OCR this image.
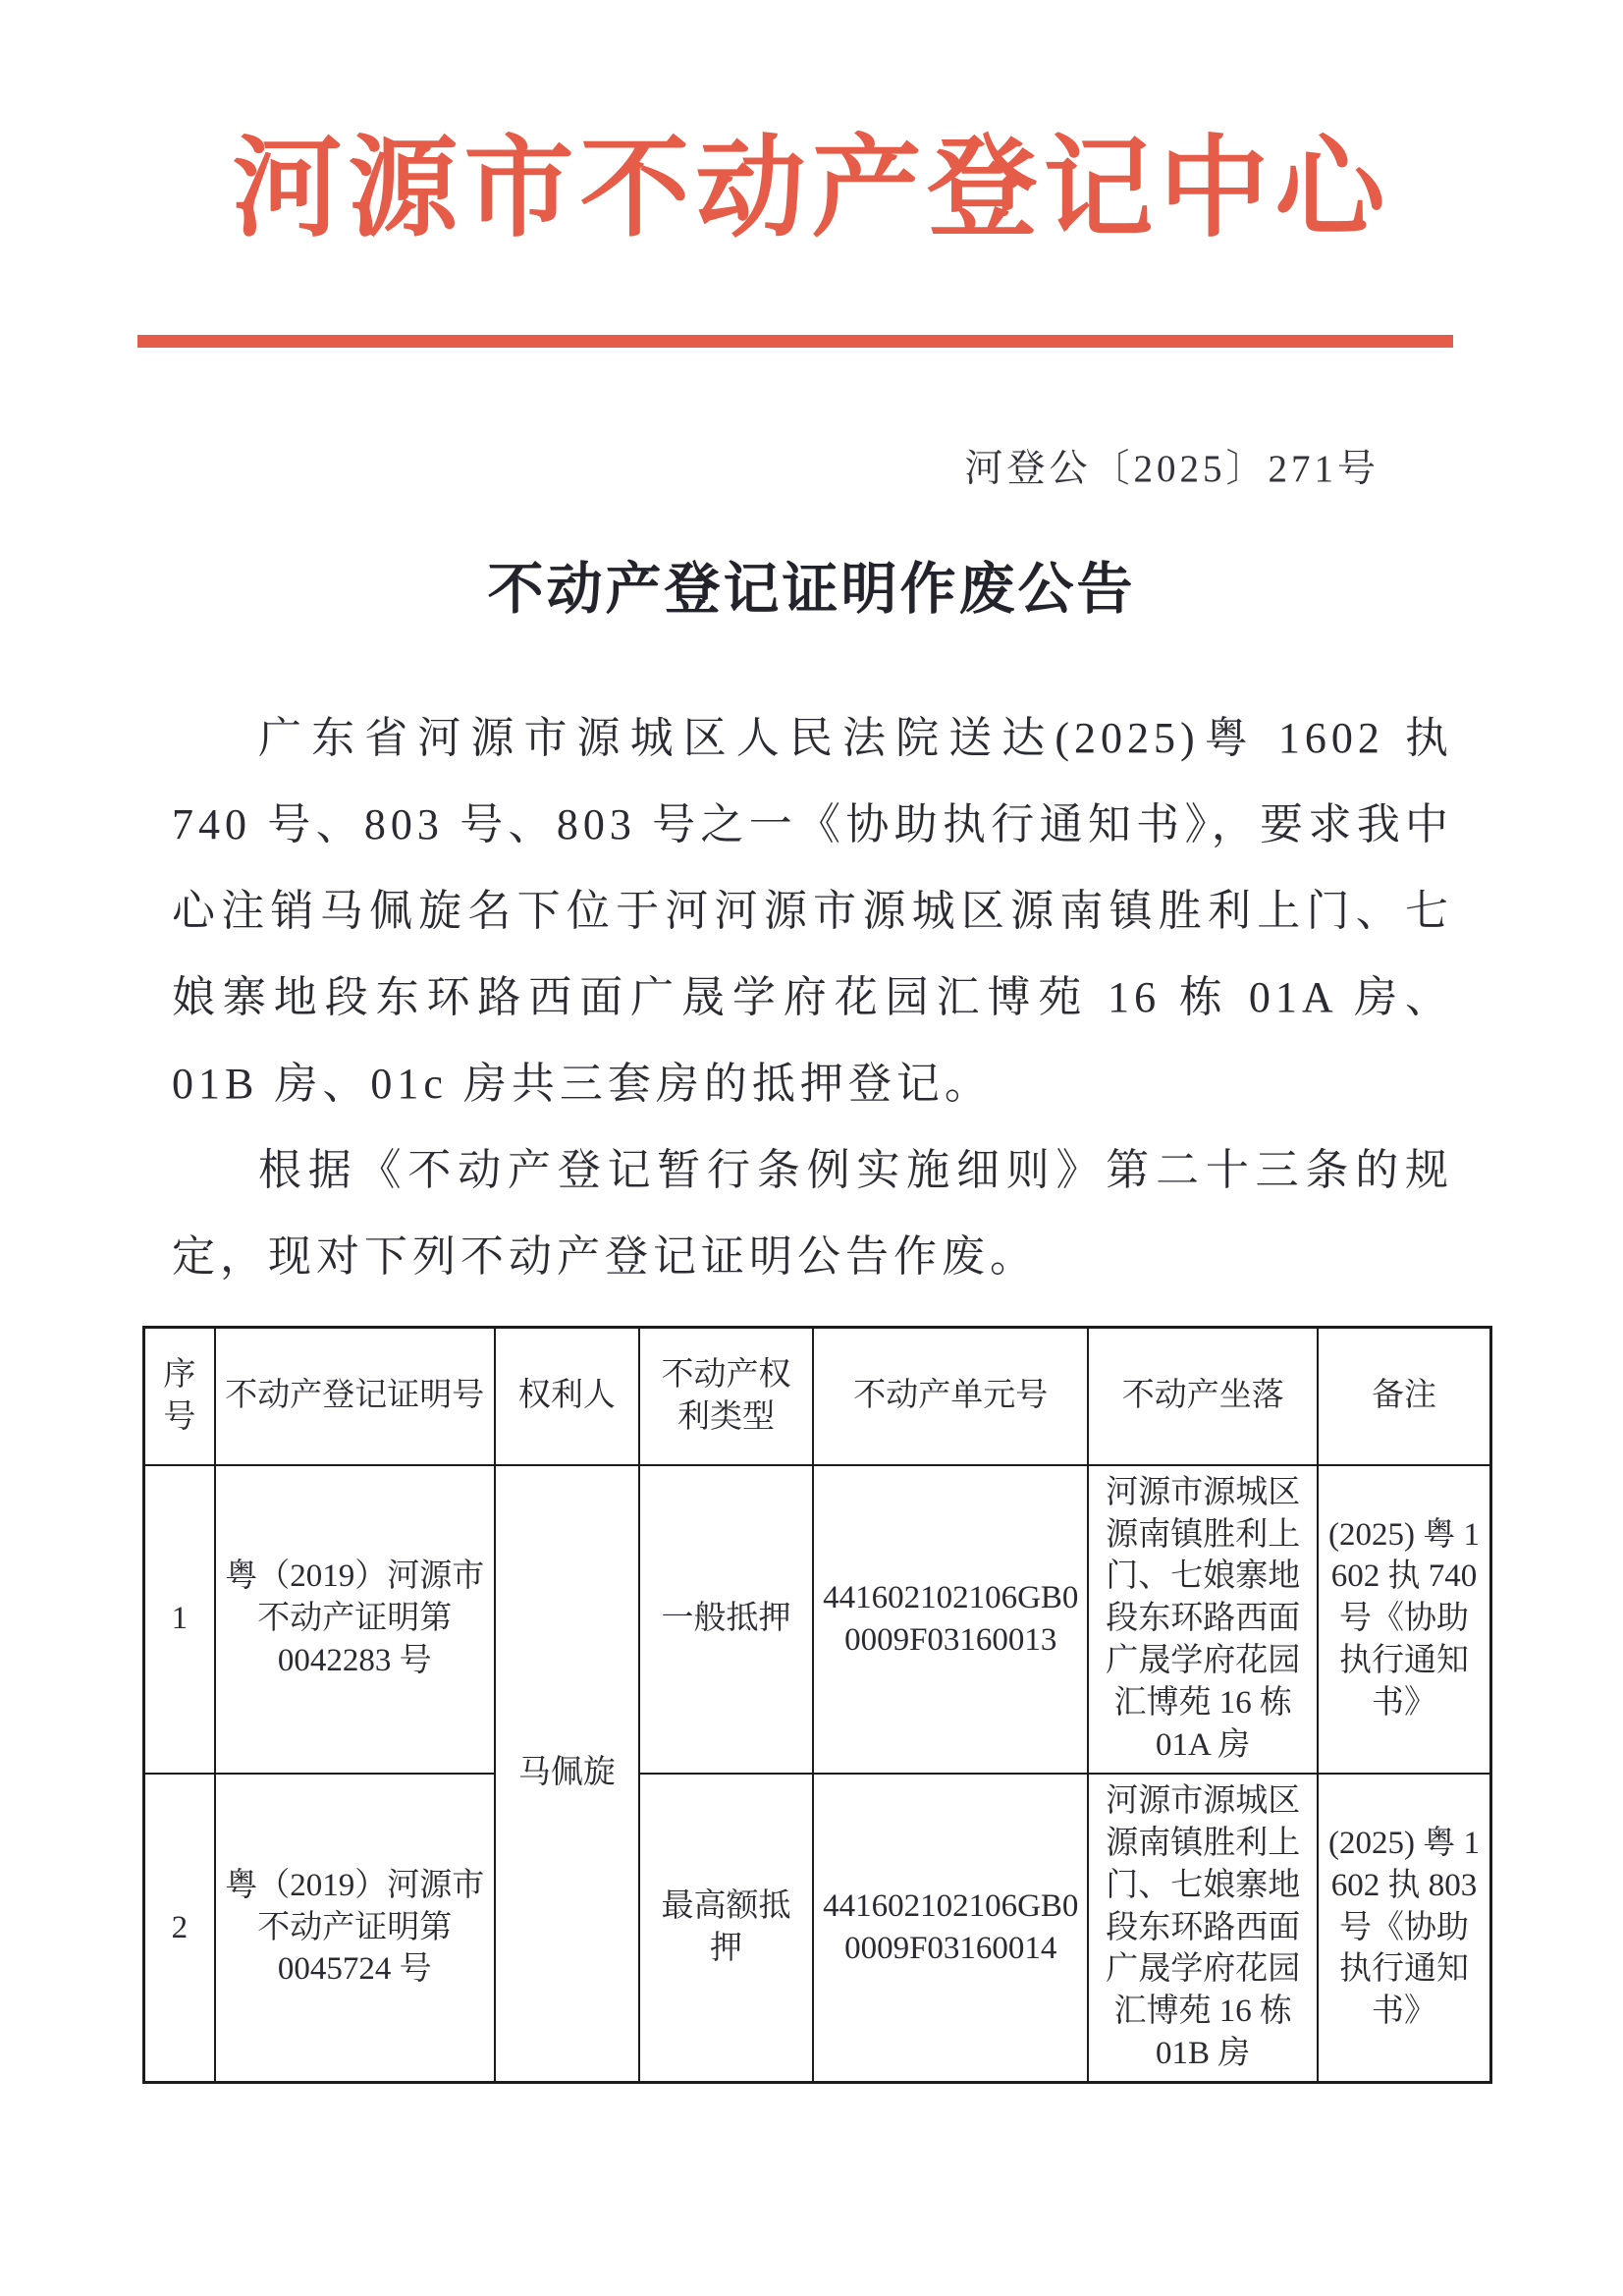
河源市不动产登记中心
河登公〔2025〕271号
不动产登记证明作废公告

广东省河源市源城区人民法院送达(2025)粤 1602 执 740 号、803 号、803 号之一《协助执行通知书》，要求我中心注销马佩旋名下位于河河源市源城区源南镇胜利上门、七娘寨地段东环路西面广晟学府花园汇博苑 16 栋 01A 房、01B 房、01c 房共三套房的抵押登记。

根据《不动产登记暂行条例实施细则》第二十三条的规定，现对下列不动产登记证明公告作废。

序号	不动产登记证明号	权利人	不动产权利类型	不动产单元号	不动产坐落	备注
1	粤（2019）河源市不动产证明第 0042283 号	马佩旋	一般抵押	441602102106GB00009F03160013	河源市源城区源南镇胜利上门、七娘寨地段东环路西面广晟学府花园汇博苑 16 栋 01A 房	(2025) 粤 1602 执 740 号《协助执行通知书》
2	粤（2019）河源市不动产证明第 0045724 号		最高额抵押	441602102106GB00009F03160014	河源市源城区源南镇胜利上门、七娘寨地段东环路西面广晟学府花园汇博苑 16 栋 01B 房	(2025) 粤 1602 执 803 号《协助执行通知书》
